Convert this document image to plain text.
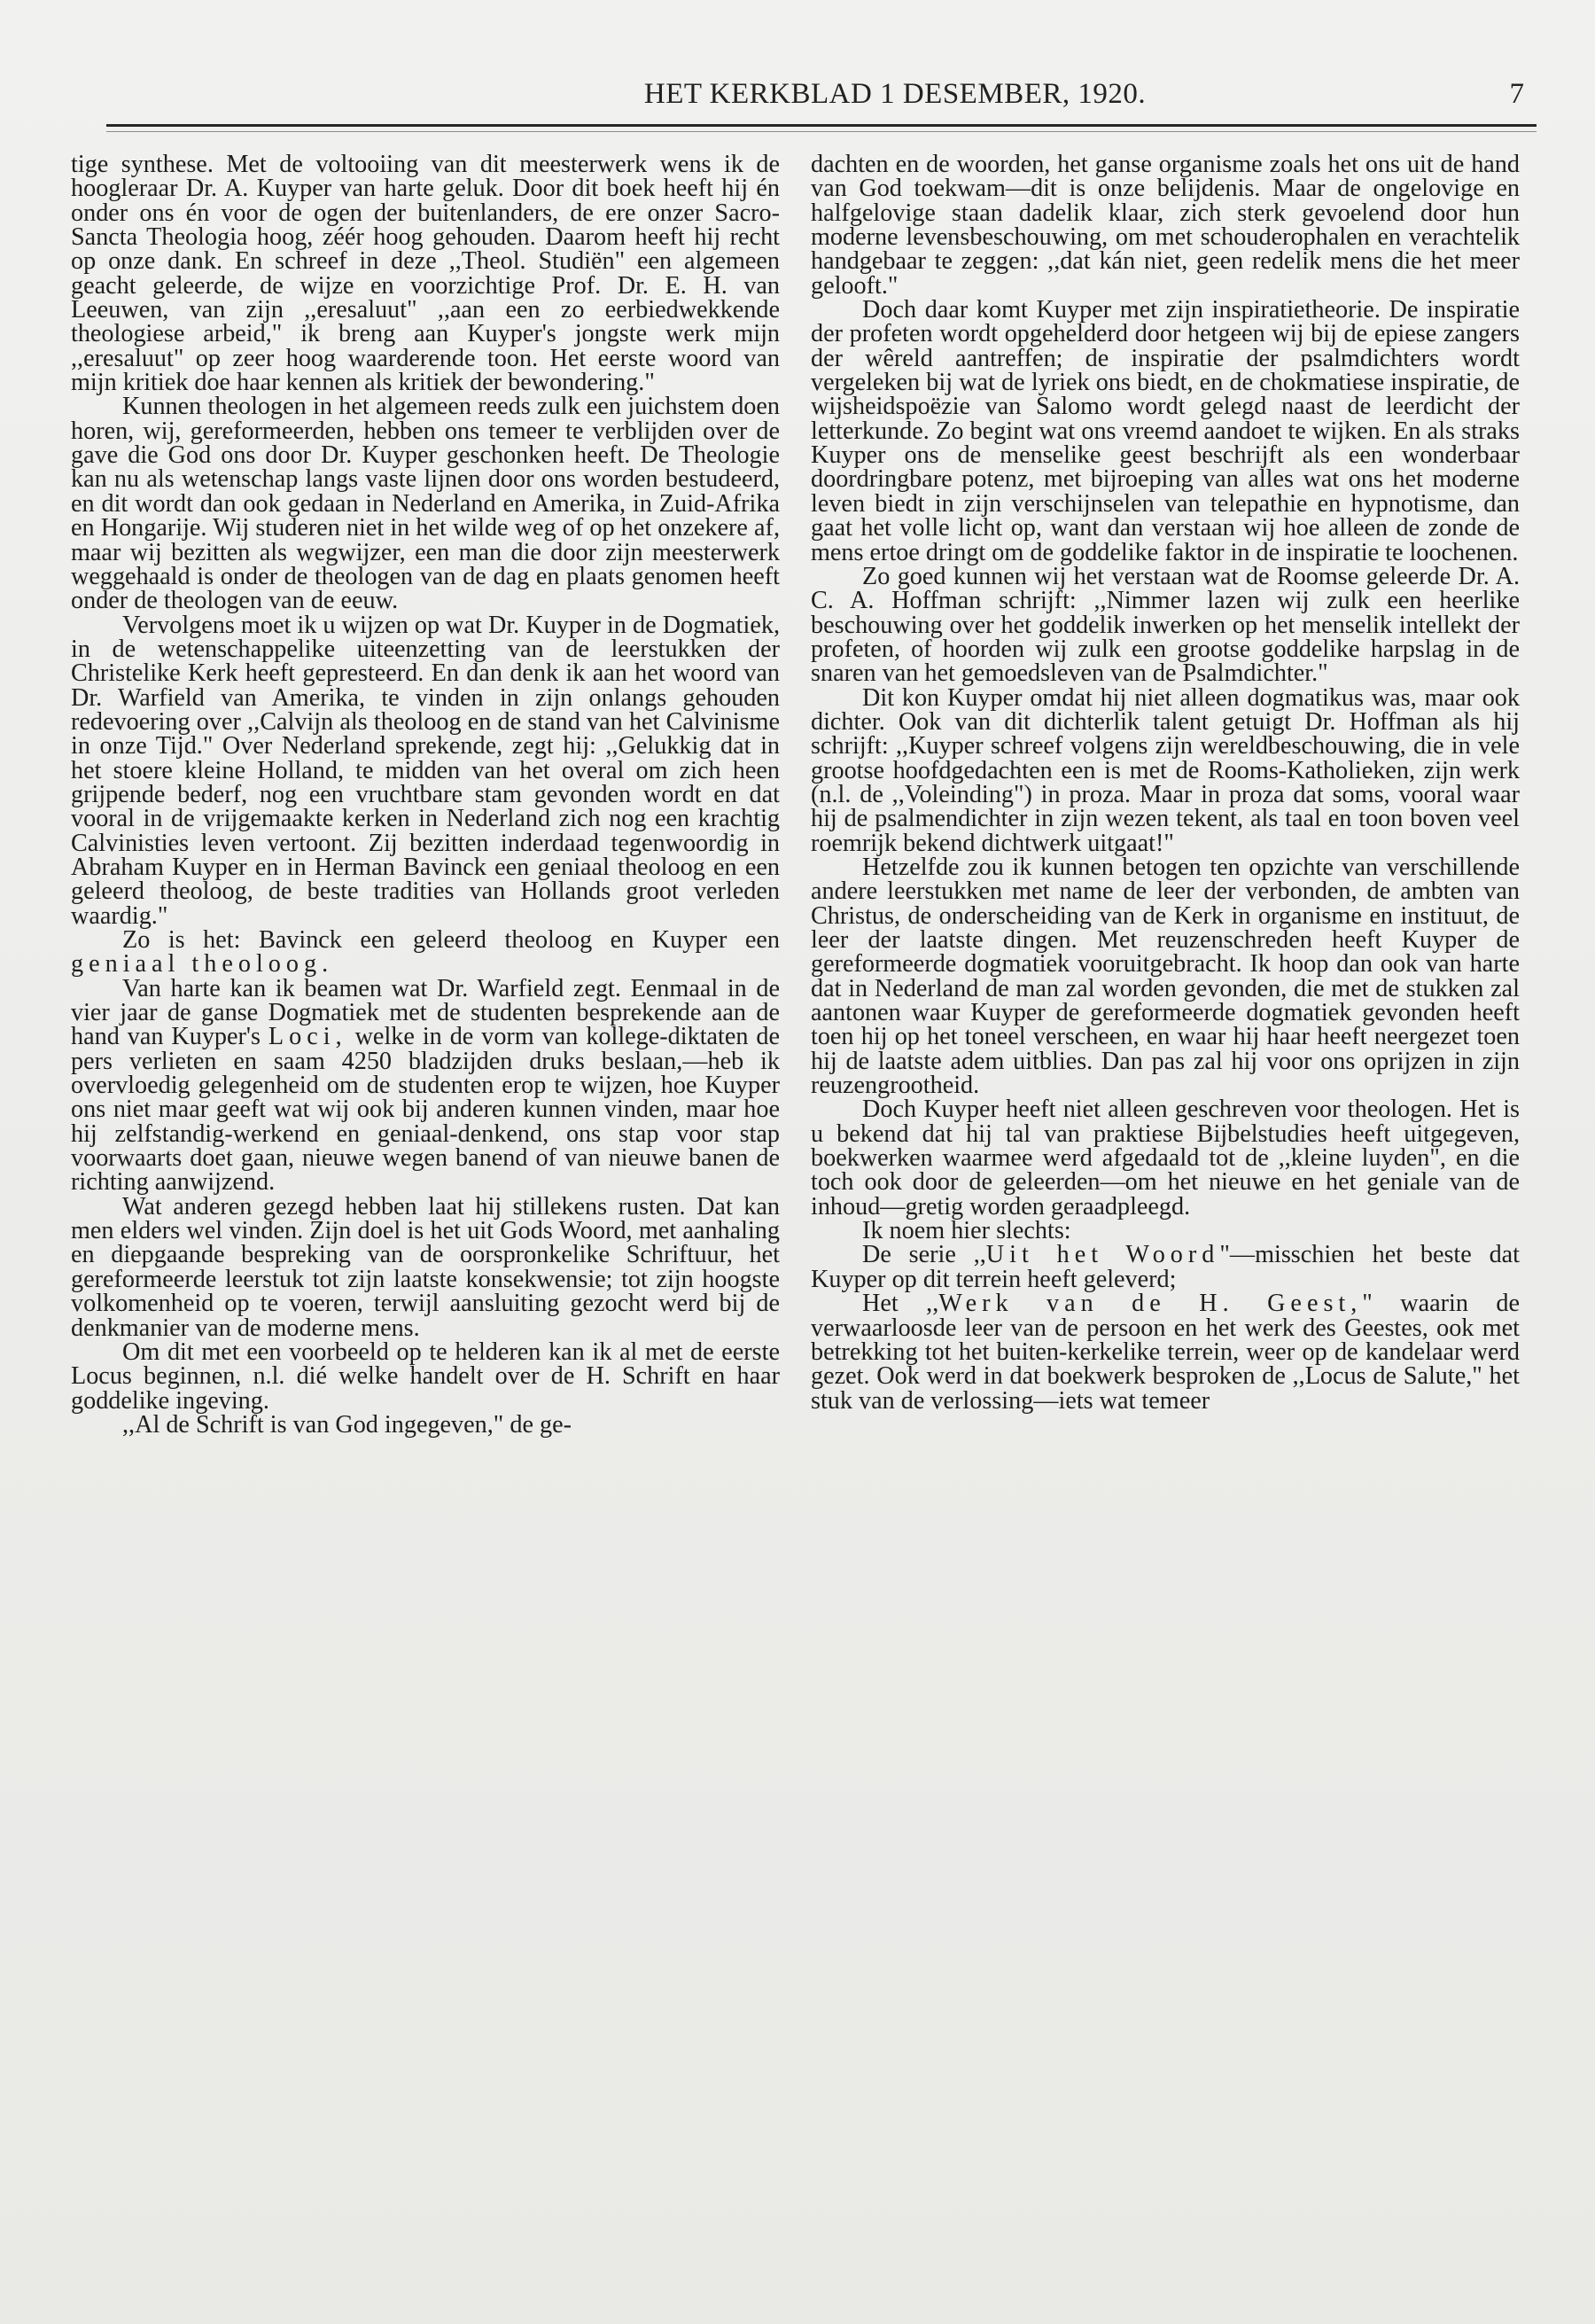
HET KERKBLAD 1 DESEMBER, 1920.	7

tige synthese. Met de voltooiing van dit meesterwerk wens ik de hoogleraar Dr. A. Kuyper van harte geluk. Door dit boek heeft hij én onder ons én voor de ogen der buitenlanders, de ere onzer Sacro-Sancta Theologia hoog, zéér hoog gehouden. Daarom heeft hij recht op onze dank. En schreef in deze ,,Theol. Studiën" een algemeen geacht geleerde, de wijze en voorzichtige Prof. Dr. E. H. van Leeuwen, van zijn ,,eresaluut" ,,aan een zo eerbiedwekkende theologiese arbeid," ik breng aan Kuyper's jongste werk mijn ,,eresaluut" op zeer hoog waarderende toon. Het eerste woord van mijn kritiek doe haar kennen als kritiek der bewondering."

Kunnen theologen in het algemeen reeds zulk een juichstem doen horen, wij, gereformeerden, hebben ons temeer te verblijden over de gave die God ons door Dr. Kuyper geschonken heeft. De Theologie kan nu als wetenschap langs vaste lijnen door ons worden bestudeerd, en dit wordt dan ook gedaan in Nederland en Amerika, in Zuid-Afrika en Hongarije. Wij studeren niet in het wilde weg of op het onzekere af, maar wij bezitten als wegwijzer, een man die door zijn meesterwerk weggehaald is onder de theologen van de dag en plaats genomen heeft onder de theologen van de eeuw.

Vervolgens moet ik u wijzen op wat Dr. Kuyper in de Dogmatiek, in de wetenschappelike uiteenzetting van de leerstukken der Christelike Kerk heeft gepresteerd. En dan denk ik aan het woord van Dr. Warfield van Amerika, te vinden in zijn onlangs gehouden redevoering over ,,Calvijn als theoloog en de stand van het Calvinisme in onze Tijd." Over Nederland sprekende, zegt hij: ,,Gelukkig dat in het stoere kleine Holland, te midden van het overal om zich heen grijpende bederf, nog een vruchtbare stam gevonden wordt en dat vooral in de vrijgemaakte kerken in Nederland zich nog een krachtig Calvinisties leven vertoont. Zij bezitten inderdaad tegenwoordig in Abraham Kuyper en in Herman Bavinck een geniaal theoloog en een geleerd theoloog, de beste tradities van Hollands groot verleden waardig."

Zo is het: Bavinck een geleerd theoloog en Kuyper een geniaal theoloog.

Van harte kan ik beamen wat Dr. Warfield zegt. Eenmaal in de vier jaar de ganse Dogmatiek met de studenten besprekende aan de hand van Kuyper's Loci, welke in de vorm van kollege-diktaten de pers verlieten en saam 4250 bladzijden druks beslaan,—heb ik overvloedig gelegenheid om de studenten erop te wijzen, hoe Kuyper ons niet maar geeft wat wij ook bij anderen kunnen vinden, maar hoe hij zelfstandig-werkend en geniaal-denkend, ons stap voor stap voorwaarts doet gaan, nieuwe wegen banend of van nieuwe banen de richting aanwijzend.

Wat anderen gezegd hebben laat hij stillekens rusten. Dat kan men elders wel vinden. Zijn doel is het uit Gods Woord, met aanhaling en diepgaande bespreking van de oorspronkelike Schriftuur, het gereformeerde leerstuk tot zijn laatste konsekwensie; tot zijn hoogste volkomenheid op te voeren, terwijl aansluiting gezocht werd bij de denkmanier van de moderne mens.

Om dit met een voorbeeld op te helderen kan ik al met de eerste Locus beginnen, n.l. dié welke handelt over de H. Schrift en haar goddelike ingeving.

,,Al de Schrift is van God ingegeven," de ge-

dachten en de woorden, het ganse organisme zoals het ons uit de hand van God toekwam—dit is onze belijdenis. Maar de ongelovige en halfgelovige staan dadelik klaar, zich sterk gevoelend door hun moderne levensbeschouwing, om met schouderophalen en verachtelik handgebaar te zeggen: ,,dat kán niet, geen redelik mens die het meer gelooft."

Doch daar komt Kuyper met zijn inspiratietheorie. De inspiratie der profeten wordt opgehelderd door hetgeen wij bij de epiese zangers der wêreld aantreffen; de inspiratie der psalmdichters wordt vergeleken bij wat de lyriek ons biedt, en de chokmatiese inspiratie, de wijsheidspoëzie van Salomo wordt gelegd naast de leerdicht der letterkunde. Zo begint wat ons vreemd aandoet te wijken. En als straks Kuyper ons de menselike geest beschrijft als een wonderbaar doordringbare potenz, met bijroeping van alles wat ons het moderne leven biedt in zijn verschijnselen van telepathie en hypnotisme, dan gaat het volle licht op, want dan verstaan wij hoe alleen de zonde de mens ertoe dringt om de goddelike faktor in de inspiratie te loochenen.

Zo goed kunnen wij het verstaan wat de Roomse geleerde Dr. A. C. A. Hoffman schrijft: ,,Nimmer lazen wij zulk een heerlike beschouwing over het goddelik inwerken op het menselik intellekt der profeten, of hoorden wij zulk een grootse goddelike harpslag in de snaren van het gemoedsleven van de Psalmdichter."

Dit kon Kuyper omdat hij niet alleen dogmatikus was, maar ook dichter. Ook van dit dichterlik talent getuigt Dr. Hoffman als hij schrijft: ,,Kuyper schreef volgens zijn wereldbeschouwing, die in vele grootse hoofdgedachten een is met de Rooms-Katholieken, zijn werk (n.l. de ,,Voleinding") in proza. Maar in proza dat soms, vooral waar hij de psalmendichter in zijn wezen tekent, als taal en toon boven veel roemrijk bekend dichtwerk uitgaat!"

Hetzelfde zou ik kunnen betogen ten opzichte van verschillende andere leerstukken met name de leer der verbonden, de ambten van Christus, de onderscheiding van de Kerk in organisme en instituut, de leer der laatste dingen. Met reuzenschreden heeft Kuyper de gereformeerde dogmatiek vooruitgebracht. Ik hoop dan ook van harte dat in Nederland de man zal worden gevonden, die met de stukken zal aantonen waar Kuyper de gereformeerde dogmatiek gevonden heeft toen hij op het toneel verscheen, en waar hij haar heeft neergezet toen hij de laatste adem uitblies. Dan pas zal hij voor ons oprijzen in zijn reuzengrootheid.

Doch Kuyper heeft niet alleen geschreven voor theologen. Het is u bekend dat hij tal van praktiese Bijbelstudies heeft uitgegeven, boekwerken waarmee werd afgedaald tot de ,,kleine luyden", en die toch ook door de geleerden—om het nieuwe en het geniale van de inhoud—gretig worden geraadpleegd.

Ik noem hier slechts:

De serie ,,Uit het Woord"—misschien het beste dat Kuyper op dit terrein heeft geleverd;

Het ,,Werk van de H. Geest," waarin de verwaarloosde leer van de persoon en het werk des Geestes, ook met betrekking tot het buiten-kerkelike terrein, weer op de kandelaar werd gezet. Ook werd in dat boekwerk besproken de ,,Locus de Salute," het stuk van de verlossing—iets wat temeer
